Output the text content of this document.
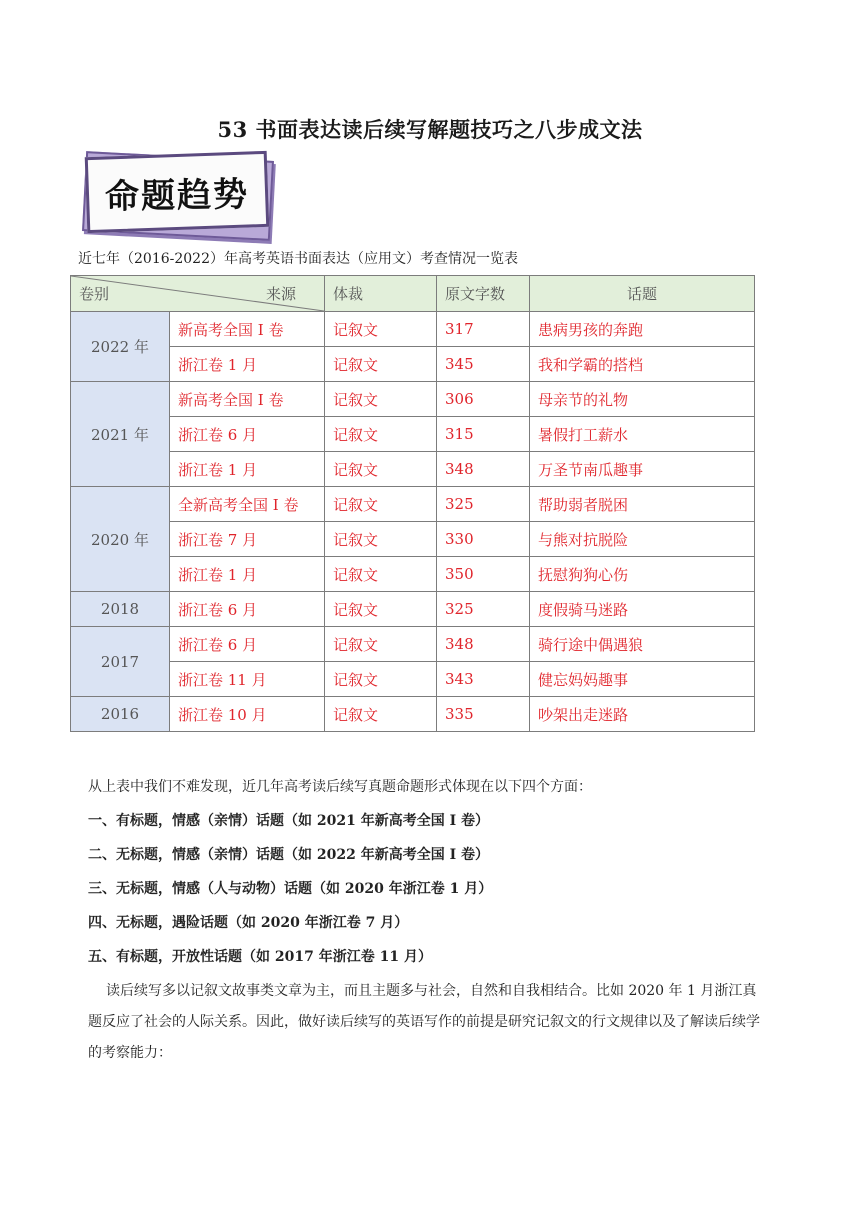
53 书面表达读后续写解题技巧之八步成文法
命题趋势
近七年（2016-2022）年高考英语书面表达（应用文）考查情况一览表
卷别 来源		体裁	原文字数	话题
2022 年	新高考全国 I 卷	记叙文	317	患病男孩的奔跑
	浙江卷 1 月	记叙文	345	我和学霸的搭档
2021 年	新高考全国 I 卷	记叙文	306	母亲节的礼物
	浙江卷 6 月	记叙文	315	暑假打工薪水
	浙江卷 1 月	记叙文	348	万圣节南瓜趣事
2020 年	全新高考全国 I 卷	记叙文	325	帮助弱者脱困
	浙江卷 7 月	记叙文	330	与熊对抗脱险
	浙江卷 1 月	记叙文	350	抚慰狗狗心伤
2018	浙江卷 6 月	记叙文	325	度假骑马迷路
2017	浙江卷 6 月	记叙文	348	骑行途中偶遇狼
	浙江卷 11 月	记叙文	343	健忘妈妈趣事
2016	浙江卷 10 月	记叙文	335	吵架出走迷路
从上表中我们不难发现，近几年高考读后续写真题命题形式体现在以下四个方面：
一、有标题，情感（亲情）话题（如 2021 年新高考全国 I 卷）
二、无标题，情感（亲情）话题（如 2022 年新高考全国 I 卷）
三、无标题，情感（人与动物）话题（如 2020 年浙江卷 1 月）
四、无标题，遇险话题（如 2020 年浙江卷 7 月）
五、有标题，开放性话题（如 2017 年浙江卷 11 月）
读后续写多以记叙文故事类文章为主，而且主题多与社会，自然和自我相结合。比如 2020 年 1 月浙江真题反应了社会的人际关系。因此，做好读后续写的英语写作的前提是研究记叙文的行文规律以及了解读后续学的考察能力：
